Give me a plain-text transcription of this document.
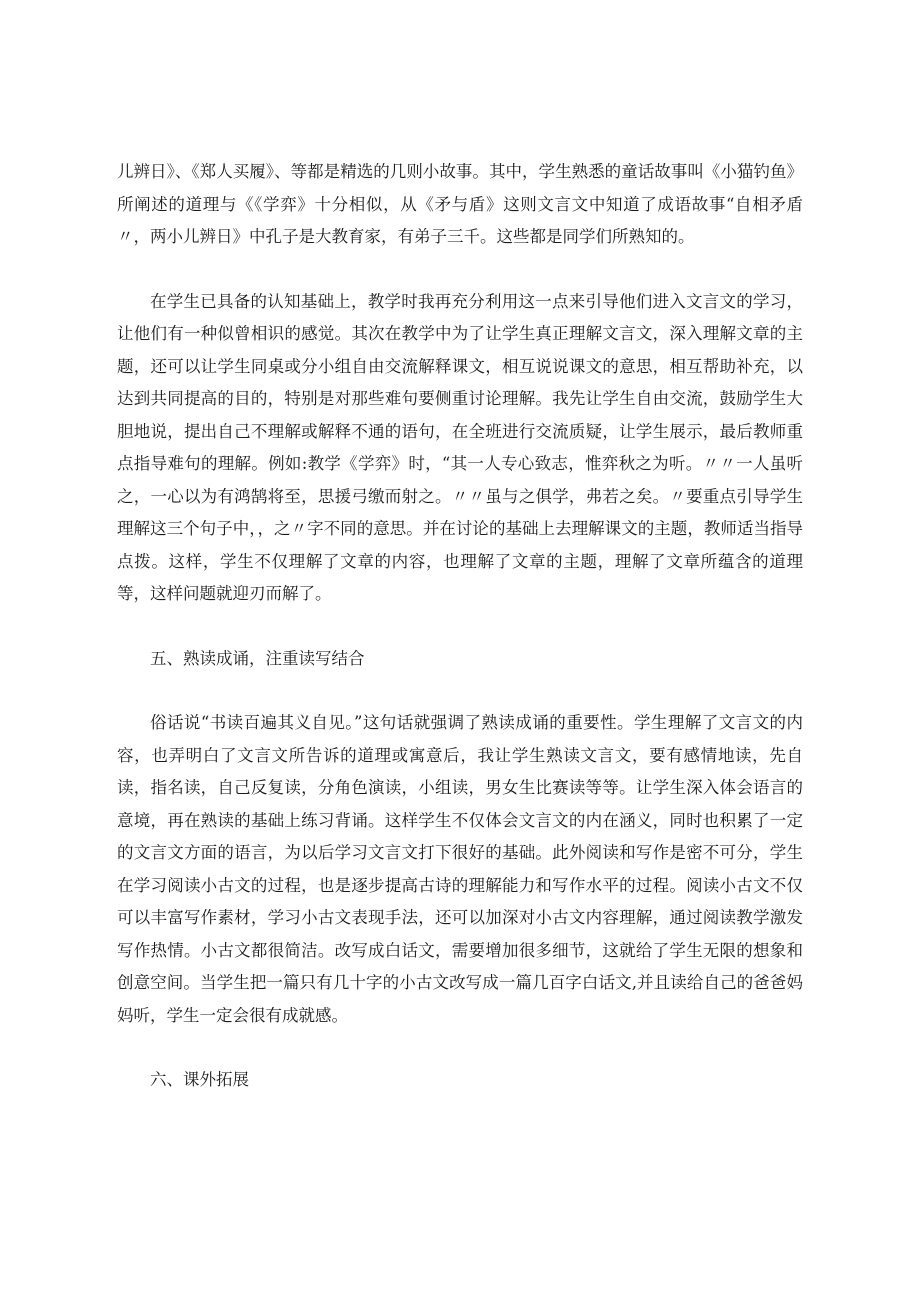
儿辨日》、《郑人买履》、等都是精选的几则小故事。其中，学生熟悉的童话故事叫《小猫钓鱼》所阐述的道理与《《学弈》十分相似，从《矛与盾》这则文言文中知道了成语故事“自相矛盾〃，两小儿辨日》中孔子是大教育家，有弟子三千。这些都是同学们所熟知的。

在学生已具备的认知基础上，教学时我再充分利用这一点来引导他们进入文言文的学习，让他们有一种似曾相识的感觉。其次在教学中为了让学生真正理解文言文，深入理解文章的主题，还可以让学生同桌或分小组自由交流解释课文，相互说说课文的意思，相互帮助补充，以达到共同提高的目的，特别是对那些难句要侧重讨论理解。我先让学生自由交流，鼓励学生大胆地说，提出自己不理解或解释不通的语句，在全班进行交流质疑，让学生展示，最后教师重点指导难句的理解。例如:教学《学弈》时，“其一人专心致志，惟弈秋之为听。〃〃一人虽听之，一心以为有鸿鹄将至，思援弓缴而射之。〃〃虽与之俱学，弗若之矣。〃要重点引导学生理解这三个句子中，，之〃字不同的意思。并在讨论的基础上去理解课文的主题，教师适当指导点拨。这样，学生不仅理解了文章的内容，也理解了文章的主题，理解了文章所蕴含的道理等，这样问题就迎刃而解了。

五、熟读成诵，注重读写结合

俗话说“书读百遍其义自见。”这句话就强调了熟读成诵的重要性。学生理解了文言文的内容，也弄明白了文言文所告诉的道理或寓意后，我让学生熟读文言文，要有感情地读，先自读，指名读，自己反复读，分角色演读，小组读，男女生比赛读等等。让学生深入体会语言的意境，再在熟读的基础上练习背诵。这样学生不仅体会文言文的内在涵义，同时也积累了一定的文言文方面的语言，为以后学习文言文打下很好的基础。此外阅读和写作是密不可分，学生在学习阅读小古文的过程，也是逐步提高古诗的理解能力和写作水平的过程。阅读小古文不仅可以丰富写作素材，学习小古文表现手法，还可以加深对小古文内容理解，通过阅读教学激发写作热情。小古文都很简洁。改写成白话文，需要增加很多细节，这就给了学生无限的想象和创意空间。当学生把一篇只有几十字的小古文改写成一篇几百字白话文,并且读给自己的爸爸妈妈听，学生一定会很有成就感。

六、课外拓展
